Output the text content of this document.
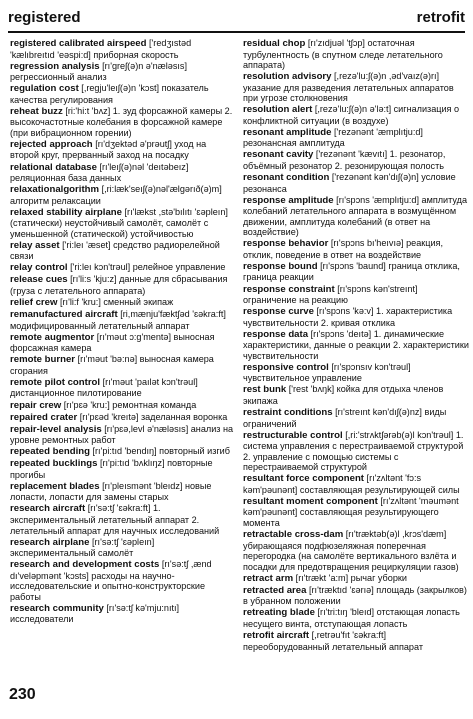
registered	retrofit
registered calibrated airspeed ['redʒıstəd 'kælıbreıtıd 'eəspi:d] приборная скорость
regression analysis [rı'greʃ(ə)n ə'næləsıs] регрессионный анализ
regulation cost [,regju'leıʃ(ə)n 'kɔst] показатель качества регулирования
reheat buzz [ri:'hi:t 'bʌz] 1. зуд форсажной камеры 2. высокочастотные колебания в форсажной камере (при вибрационном горении)
rejected approach [rı'dʒektəd ə'prəutʃ] уход на второй круг, прерванный заход на посадку
relational database [rı'leıʃ(ə)nəl 'deıtəbeız] реляционная база данных
relaxationalgorithm [,ri:læk'seıʃ(ə)nəl'ælgərıð(ə)m] алгоритм релаксации
relaxed stability airplane [rı'lækst ,stə'bılıtı 'ɛəpleın] (статически) неустойчивый самолёт, самолёт с уменьшенной (статической) устойчивостью
relay asset ['ri:leı 'æset] средство радиорелейной связи
relay control ['ri:leı kɔn'trəul] релейное управление
release cues [rı'li:s 'kju:z] данные для сбрасывания (груза с летательного аппарата)
relief crew [rı'li:f 'kru:] сменный экипаж
remanufactured aircraft [ri,mænju'fæktʃəd 'ɛəkra:ft] модифицированный летательный аппарат
remote augmentor [rı'məut ɔ:g'mentə] выносная форсажная камера
remote burner [rı'məut 'bə:nə] выносная камера сгорания
remote pilot control [rı'məut 'paılət kɔn'trəul] дистанционное пилотирование
repair crew [rı'pɛə 'kru:] ремонтная команда
repaired crater [rı'pɛəd 'kreıtə] заделанная воронка
repair-level analysis [rı'pɛə,levl ə'næləsıs] анализ на уровне ремонтных работ
repeated bending [rı'pi:tıd 'bendıŋ] повторный изгиб
repeated bucklings [rı'pi:tıd 'bʌklıŋz] повторные прогибы
replacement blades [rı'pleısmənt 'bleıdz] новые лопасти, лопасти для замены старых
research aircraft [rı'sə:tʃ 'ɛəkra:ft] 1. экспериментальный летательный аппарат 2. летательный аппарат для научных исследований
research airplane [rı'sə:tʃ 'ɛəpleın] экспериментальный самолёт
research and development costs [rı'sə:tʃ ,ænd dı'veləpmənt 'kɔsts] расходы на научно-исследовательские и опытно-конструкторские работы
research community [rı'sə:tʃ kə'mju:nıtı] исследователи
residual chop [rı'zıdjuəl 'tʃɔp] остаточная турбулентность (в спутном следе летательного аппарата)
resolution advisory [,rezə'lu:ʃ(ə)n ,əd'vaız(ə)rı] указание для разведения летательных аппаратов при угрозе столкновения
resolution alert [,rezə'lu:ʃ(ə)n ə'lə:t] сигнализация о конфликтной ситуации (в воздухе)
resonant amplitude ['rezənənt 'æmplıtju:d] резонансная амплитуда
resonant cavity ['rezənənt 'kævıtı] 1. резонатор, объёмный резонатор 2. резонирующая полость
resonant condition ['rezənənt kən'dıʃ(ə)n] условие резонанса
response amplitude [rı'spɔns 'æmplıtju:d] амплитуда колебаний летательного аппарата в возмущённом движении, амплитуда колебаний (в ответ на воздействие)
response behavior [rı'spɔns bı'heıvıə] реакция, отклик, поведение в ответ на воздействие
response bound [rı'spɔns 'baund] граница отклика, граница реакции
response constraint [rı'spɔns kən'streınt] ограничение на реакцию
response curve [rı'spɔns 'kə:v] 1. характеристика чувствительности 2. кривая отклика
response data [rı'spɔns 'deıtə] 1. динамические характеристики, данные о реакции 2. характеристики чувствительности
responsive control [rı'spɔnsıv kɔn'trəul] чувствительное управление
rest bunk ['rest 'bʌŋk] койка для отдыха членов экипажа
restraint conditions [rı'streınt kən'dıʃ(ə)nz] виды ограничений
restructurable control [,ri:'strʌktʃərəb(ə)l kɔn'trəul] 1. система управления с перестраиваемой структурой 2. управление с помощью системы с перестраиваемой структурой
resultant force component [rı'zʌltənt 'fɔ:s kəm'pəunənt] составляющая результирующей силы
resultant moment component [rı'zʌltənt 'məumənt kəm'pəunənt] составляющая результирующего момента
retractable cross-dam [rı'træktəb(ə)l ,krɔs'dæm] убирающаяся подфюзеляжная поперечная перегородка (на самолёте вертикального взлёта и посадки для предотвращения рециркуляции газов)
retract arm [rı'trækt 'a:m] рычаг уборки
retracted area [rı'træktıd 'ɛərıə] площадь (закрылков) в убранном положении
retreating blade [rı'tri:tıŋ 'bleıd] отстающая лопасть несущего винта, отступающая лопасть
retrofit aircraft [,retrəu'fıt 'ɛəkra:ft] переоборудованный летательный аппарат
230
